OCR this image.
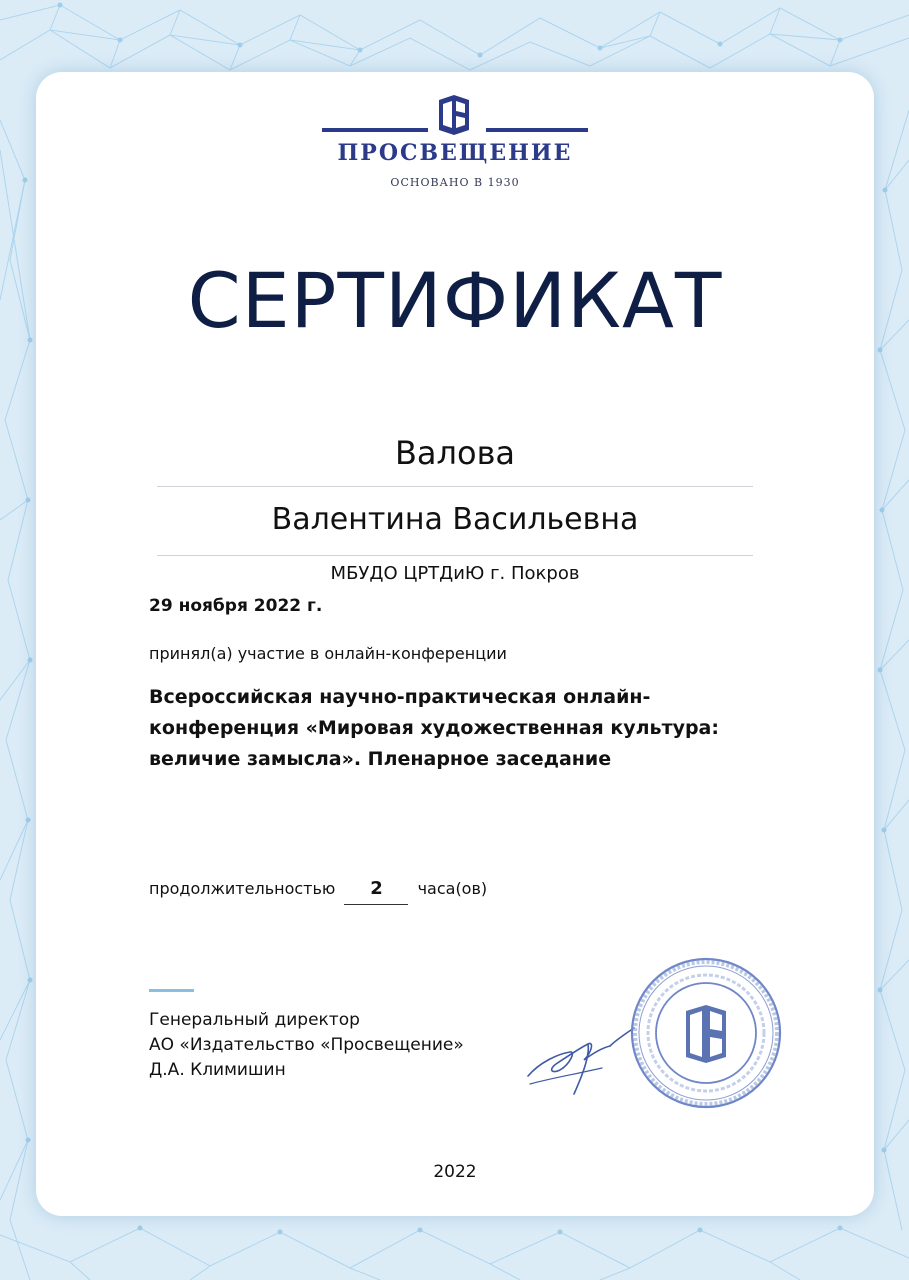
ПРОСВЕЩЕНИЕ
ОСНОВАНО В 1930
СЕРТИФИКАТ
Валова
Валентина Васильевна
МБУДО ЦРТДиЮ г. Покров
29 ноября 2022 г.
принял(а) участие в онлайн-конференции
Всероссийская научно-практическая онлайн-конференция «Мировая художественная культура: величие замысла». Пленарное заседание
продолжительностью 2 часа(ов)
Генеральный директор
АО «Издательство «Просвещение»
Д.А. Климишин
2022
